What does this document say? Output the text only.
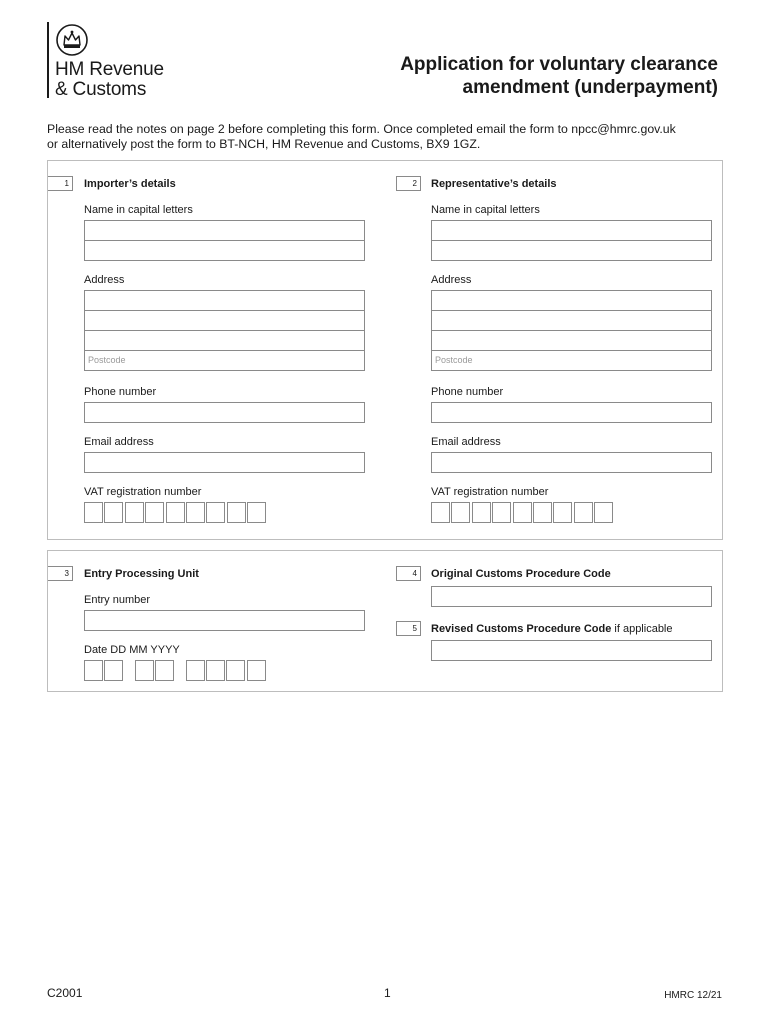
HM Revenue
& Customs
Application for voluntary clearance
amendment (underpayment)
Please read the notes on page 2 before completing this form. Once completed email the form to npcc@hmrc.gov.uk
or alternatively post the form to BT-NCH, HM Revenue and Customs, BX9 1GZ.
1	Importer’s details
Name in capital letters
Address
Postcode
Phone number
Email address
VAT registration number
2	Representative’s details
Name in capital letters
Address
Postcode
Phone number
Email address
VAT registration number
3	Entry Processing Unit
Entry number
Date DD MM YYYY
4	Original Customs Procedure Code
5	Revised Customs Procedure Code if applicable
C2001	1	HMRC 12/21
